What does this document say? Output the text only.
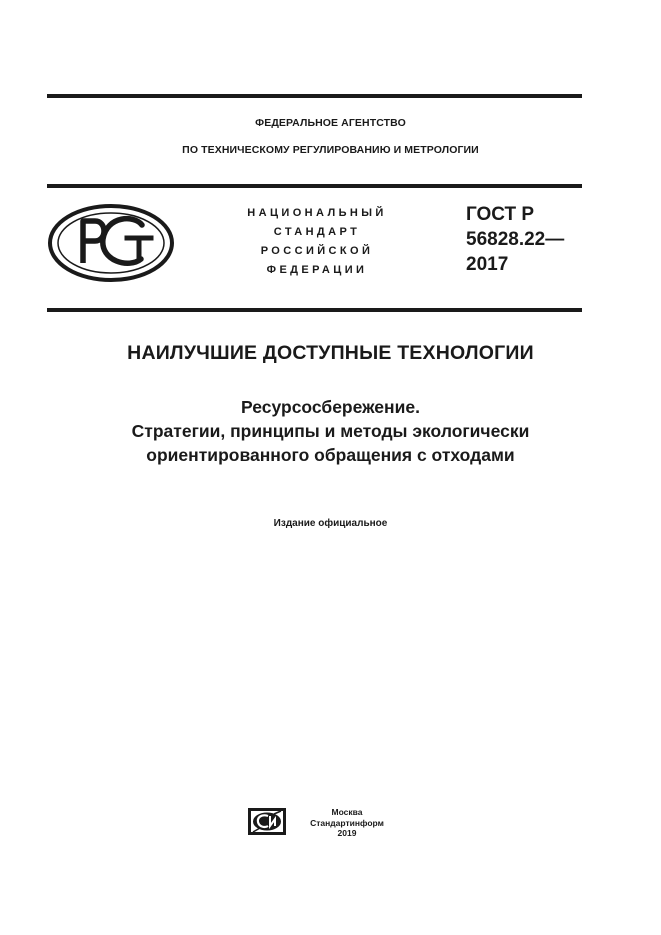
ФЕДЕРАЛЬНОЕ АГЕНТСТВО
ПО ТЕХНИЧЕСКОМУ РЕГУЛИРОВАНИЮ И МЕТРОЛОГИИ
НАЦИОНАЛЬНЫЙ
СТАНДАРТ
РОССИЙСКОЙ
ФЕДЕРАЦИИ
ГОСТ Р
56828.22—
2017
НАИЛУЧШИЕ ДОСТУПНЫЕ ТЕХНОЛОГИИ
Ресурсосбережение.
Стратегии, принципы и методы экологически
ориентированного обращения с отходами
Издание официальное
Москва
Стандартинформ
2019
